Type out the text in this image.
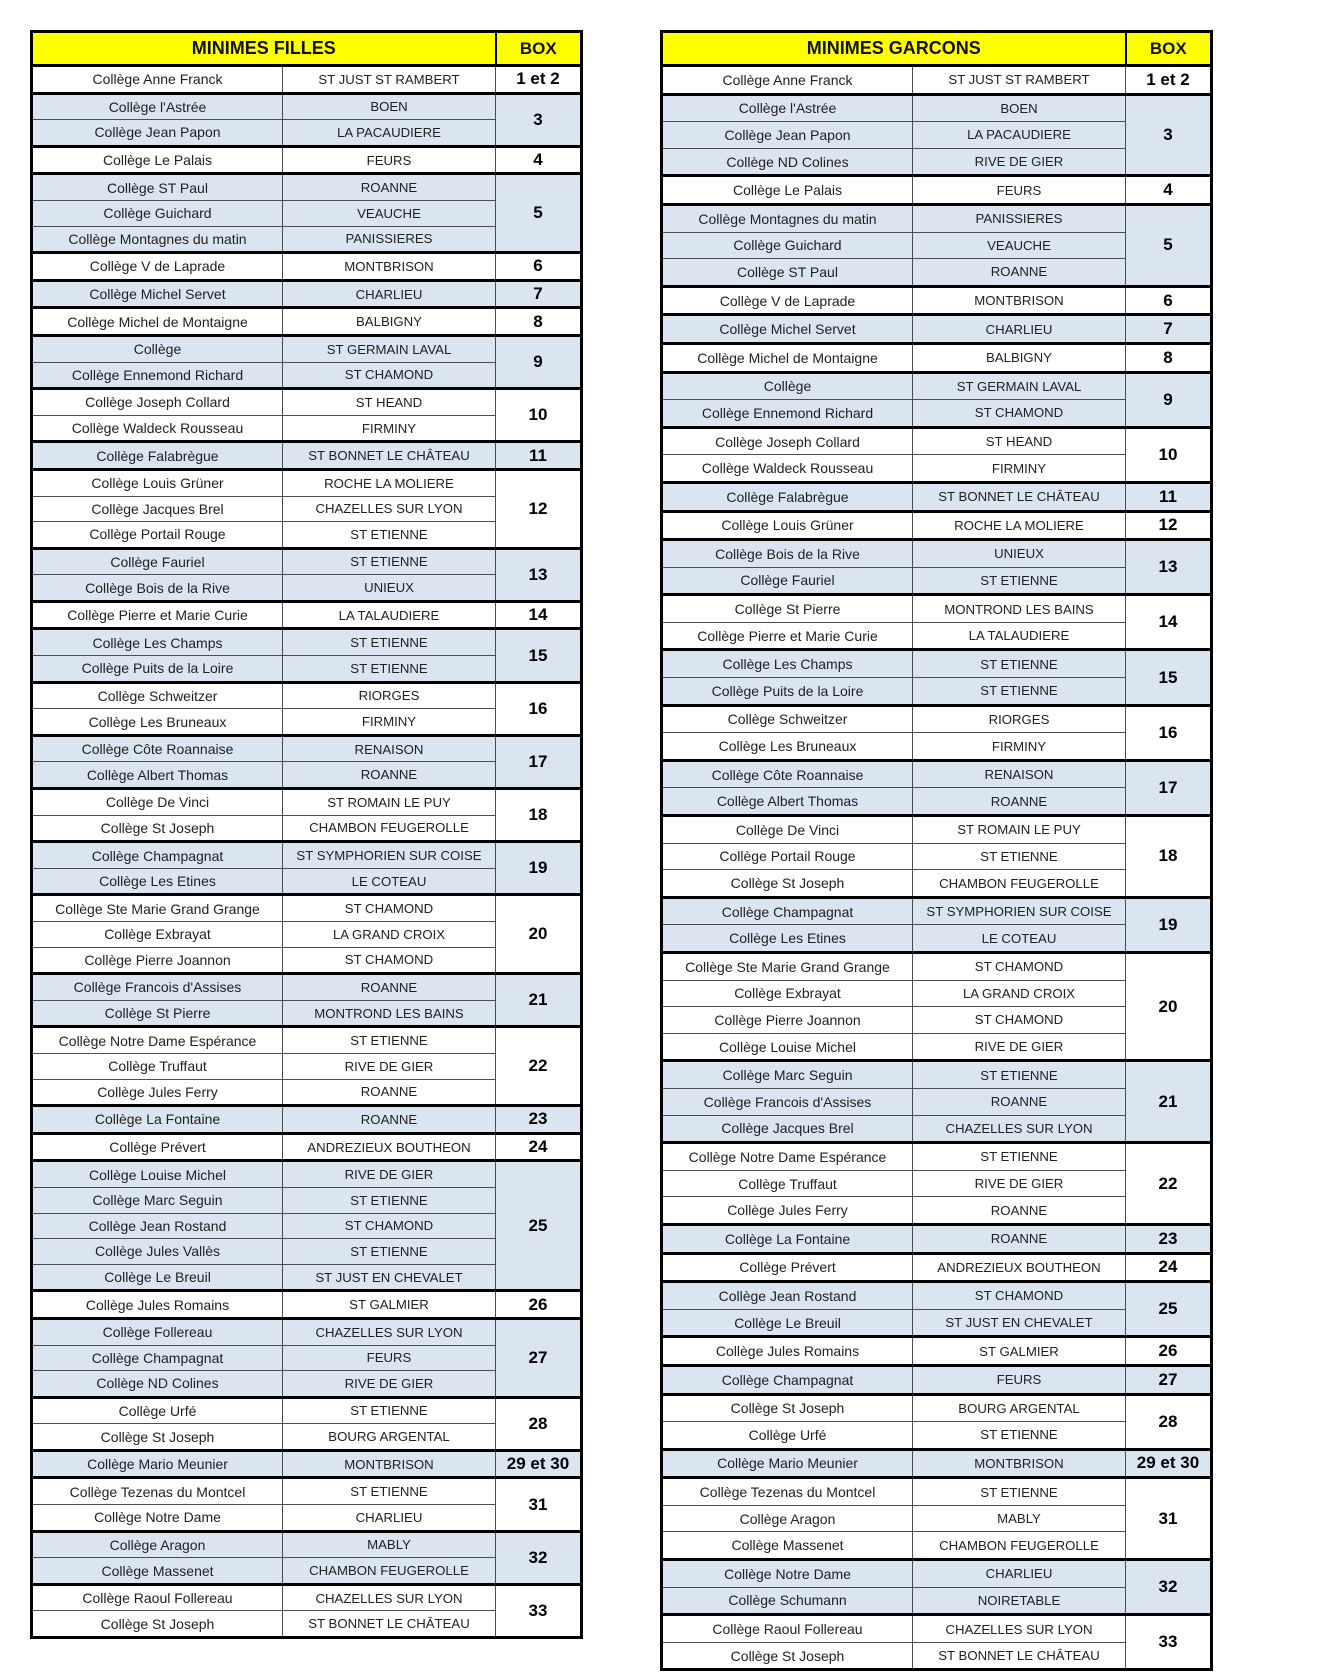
MINIMES FILLES		BOX
Collège Anne Franck	ST JUST ST RAMBERT	1 et 2
Collège l'Astrée	BOEN	3
Collège Jean Papon	LA PACAUDIERE	
Collège Le Palais	FEURS	4
Collège ST Paul	ROANNE	5
Collège Guichard	VEAUCHE	
Collège Montagnes du matin	PANISSIERES	
Collège V de Laprade	MONTBRISON	6
Collège Michel Servet	CHARLIEU	7
Collège Michel de Montaigne	BALBIGNY	8
Collège	ST GERMAIN LAVAL	9
Collège Ennemond Richard	ST CHAMOND	
Collège Joseph Collard	ST HEAND	10
Collège Waldeck Rousseau	FIRMINY	
Collège Falabrègue	ST BONNET LE CHÂTEAU	11
Collège Louis Grüner	ROCHE LA MOLIERE	12
Collège Jacques Brel	CHAZELLES SUR LYON	
Collège Portail Rouge	ST ETIENNE	
Collège Fauriel	ST ETIENNE	13
Collège Bois de la Rive	UNIEUX	
Collège Pierre et Marie Curie	LA TALAUDIERE	14
Collège Les Champs	ST ETIENNE	15
Collège Puits de la Loire	ST ETIENNE	
Collège Schweitzer	RIORGES	16
Collège Les Bruneaux	FIRMINY	
Collège Côte Roannaise	RENAISON	17
Collège Albert Thomas	ROANNE	
Collège De Vinci	ST ROMAIN LE PUY	18
Collège St Joseph	CHAMBON FEUGEROLLE	
Collège Champagnat	ST SYMPHORIEN SUR COISE	19
Collège Les Etines	LE COTEAU	
Collège Ste Marie Grand Grange	ST CHAMOND	20
Collège Exbrayat	LA GRAND CROIX	
Collège Pierre Joannon	ST CHAMOND	
Collège Francois d'Assises	ROANNE	21
Collège St Pierre	MONTROND LES BAINS	
Collège Notre Dame Espérance	ST ETIENNE	22
Collège Truffaut	RIVE DE GIER	
Collège Jules Ferry	ROANNE	
Collège La Fontaine	ROANNE	23
Collège Prévert	ANDREZIEUX BOUTHEON	24
Collège Louise Michel	RIVE DE GIER	25
Collège Marc Seguin	ST ETIENNE	
Collège Jean Rostand	ST CHAMOND	
Collège Jules Vallès	ST ETIENNE	
Collège Le Breuil	ST JUST EN CHEVALET	
Collège Jules Romains	ST GALMIER	26
Collège Follereau	CHAZELLES SUR LYON	27
Collège Champagnat	FEURS	
Collège ND Colines	RIVE DE GIER	
Collège Urfé	ST ETIENNE	28
Collège St Joseph	BOURG ARGENTAL	
Collège Mario Meunier	MONTBRISON	29 et 30
Collège Tezenas du Montcel	ST ETIENNE	31
Collège Notre Dame	CHARLIEU	
Collège Aragon	MABLY	32
Collège Massenet	CHAMBON FEUGEROLLE	
Collège Raoul Follereau	CHAZELLES SUR LYON	33
Collège St Joseph	ST BONNET LE CHÂTEAU	
MINIMES GARCONS		BOX
Collège Anne Franck	ST JUST ST RAMBERT	1 et 2
Collège l'Astrée	BOEN	3
Collège Jean Papon	LA PACAUDIERE	
Collège ND Colines	RIVE DE GIER	
Collège Le Palais	FEURS	4
Collège Montagnes du matin	PANISSIERES	5
Collège Guichard	VEAUCHE	
Collège ST Paul	ROANNE	
Collège V de Laprade	MONTBRISON	6
Collège Michel Servet	CHARLIEU	7
Collège Michel de Montaigne	BALBIGNY	8
Collège	ST GERMAIN LAVAL	9
Collège Ennemond Richard	ST CHAMOND	
Collège Joseph Collard	ST HEAND	10
Collège Waldeck Rousseau	FIRMINY	
Collège Falabrègue	ST BONNET LE CHÂTEAU	11
Collège Louis Grüner	ROCHE LA MOLIERE	12
Collège Bois de la Rive	UNIEUX	13
Collège Fauriel	ST ETIENNE	
Collège St Pierre	MONTROND LES BAINS	14
Collège Pierre et Marie Curie	LA TALAUDIERE	
Collège Les Champs	ST ETIENNE	15
Collège Puits de la Loire	ST ETIENNE	
Collège Schweitzer	RIORGES	16
Collège Les Bruneaux	FIRMINY	
Collège Côte Roannaise	RENAISON	17
Collège Albert Thomas	ROANNE	
Collège De Vinci	ST ROMAIN LE PUY	18
Collège Portail Rouge	ST ETIENNE	
Collège St Joseph	CHAMBON FEUGEROLLE	
Collège Champagnat	ST SYMPHORIEN SUR COISE	19
Collège Les Etines	LE COTEAU	
Collège Ste Marie Grand Grange	ST CHAMOND	20
Collège Exbrayat	LA GRAND CROIX	
Collège Pierre Joannon	ST CHAMOND	
Collège Louise Michel	RIVE DE GIER	
Collège Marc Seguin	ST ETIENNE	21
Collège Francois d'Assises	ROANNE	
Collège Jacques Brel	CHAZELLES SUR LYON	
Collège Notre Dame Espérance	ST ETIENNE	22
Collège Truffaut	RIVE DE GIER	
Collège Jules Ferry	ROANNE	
Collège La Fontaine	ROANNE	23
Collège Prévert	ANDREZIEUX BOUTHEON	24
Collège Jean Rostand	ST CHAMOND	25
Collège Le Breuil	ST JUST EN CHEVALET	
Collège Jules Romains	ST GALMIER	26
Collège Champagnat	FEURS	27
Collège St Joseph	BOURG ARGENTAL	28
Collège Urfé	ST ETIENNE	
Collège Mario Meunier	MONTBRISON	29 et 30
Collège Tezenas du Montcel	ST ETIENNE	31
Collège Aragon	MABLY	
Collège Massenet	CHAMBON FEUGEROLLE	
Collège Notre Dame	CHARLIEU	32
Collège Schumann	NOIRETABLE	
Collège Raoul Follereau	CHAZELLES SUR LYON	33
Collège St Joseph	ST BONNET LE CHÂTEAU	
